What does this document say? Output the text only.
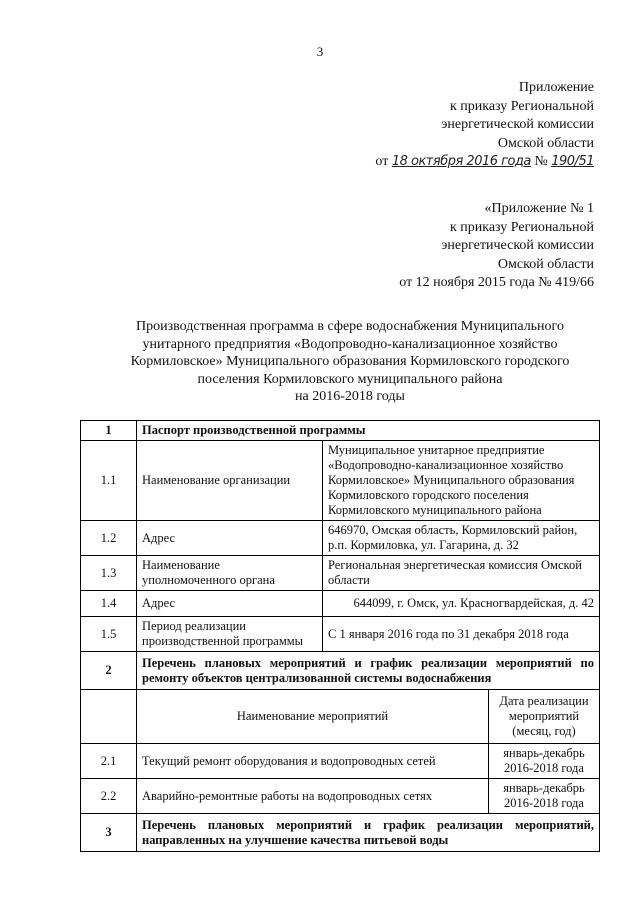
3
Приложение
к приказу Региональной
энергетической комиссии
Омской области
от 18 октября 2016 года № 190/51
«Приложение № 1
к приказу Региональной
энергетической комиссии
Омской области
от 12 ноября 2015 года № 419/66
Производственная программа в сфере водоснабжения Муниципального
унитарного предприятия «Водопроводно-канализационное хозяйство
Кормиловское» Муниципального образования Кормиловского городского
поселения Кормиловского муниципального района
на 2016-2018 годы
1	Паспорт производственной программы		
1.1	Наименование организации	Муниципальное унитарное предприятие «Водопроводно-канализационное хозяйство Кормиловское» Муниципального образования Кормиловского городского поселения Кормиловского муниципального района	
1.2	Адрес	646970, Омская область, Кормиловский район, р.п. Кормиловка, ул. Гагарина, д. 32	
1.3	Наименование уполномоченного органа	Региональная энергетическая комиссия Омской области	
1.4	Адрес	644099, г. Омск, ул. Красногвардейская, д. 42	
1.5	Период реализации производственной программы	С 1 января 2016 года по 31 декабря 2018 года	
2	Перечень плановых мероприятий и график реализации мероприятий по ремонту объектов централизованной системы водоснабжения		
	Наименование мероприятий		Дата реализации мероприятий (месяц, год)
2.1	Текущий ремонт оборудования и водопроводных сетей		январь-декабрь 2016-2018 года
2.2	Аварийно-ремонтные работы на водопроводных сетях		январь-декабрь 2016-2018 года
3	Перечень плановых мероприятий и график реализации мероприятий, направленных на улучшение качества питьевой воды		
